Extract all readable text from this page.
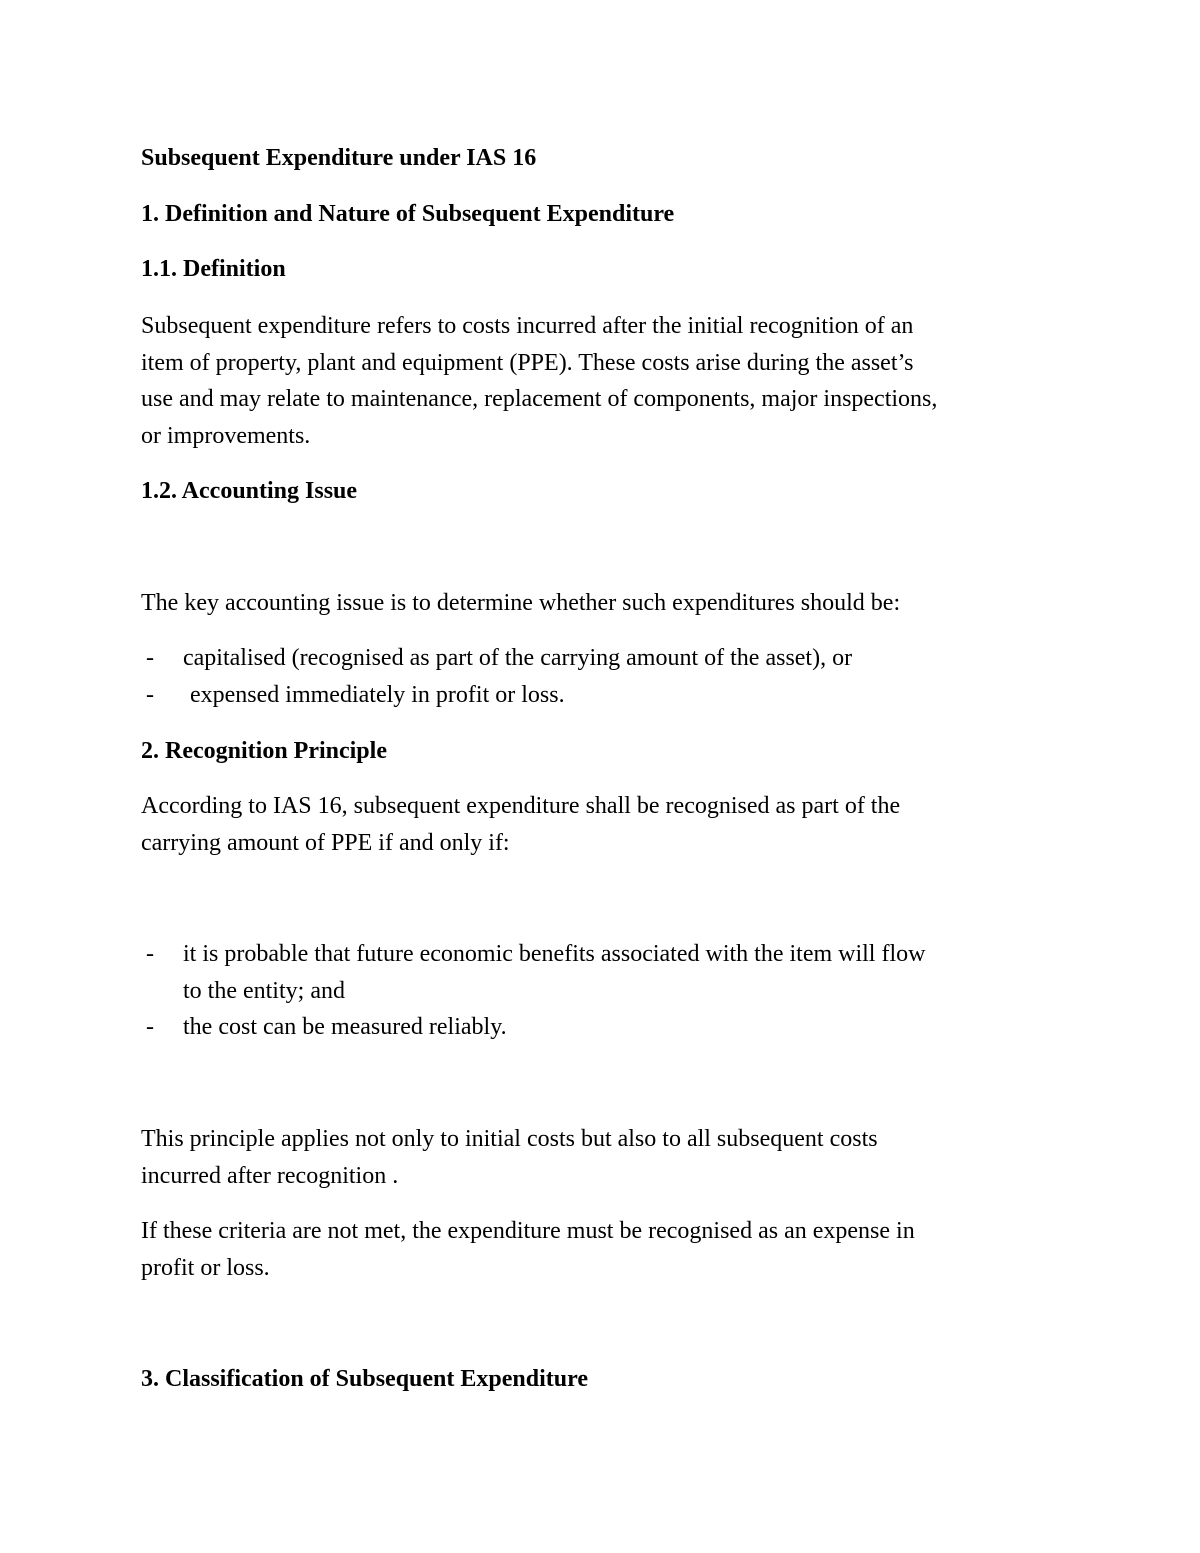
Subsequent Expenditure under IAS 16
1. Definition and Nature of Subsequent Expenditure
1.1. Definition
Subsequent expenditure refers to costs incurred after the initial recognition of an
item of property, plant and equipment (PPE). These costs arise during the asset’s
use and may relate to maintenance, replacement of components, major inspections,
or improvements.
1.2. Accounting Issue
The key accounting issue is to determine whether such expenditures should be:
- capitalised (recognised as part of the carrying amount of the asset), or
- expensed immediately in profit or loss.
2. Recognition Principle
According to IAS 16, subsequent expenditure shall be recognised as part of the
carrying amount of PPE if and only if:
- it is probable that future economic benefits associated with the item will flow
to the entity; and
- the cost can be measured reliably.
This principle applies not only to initial costs but also to all subsequent costs
incurred after recognition .
If these criteria are not met, the expenditure must be recognised as an expense in
profit or loss.
3. Classification of Subsequent Expenditure
